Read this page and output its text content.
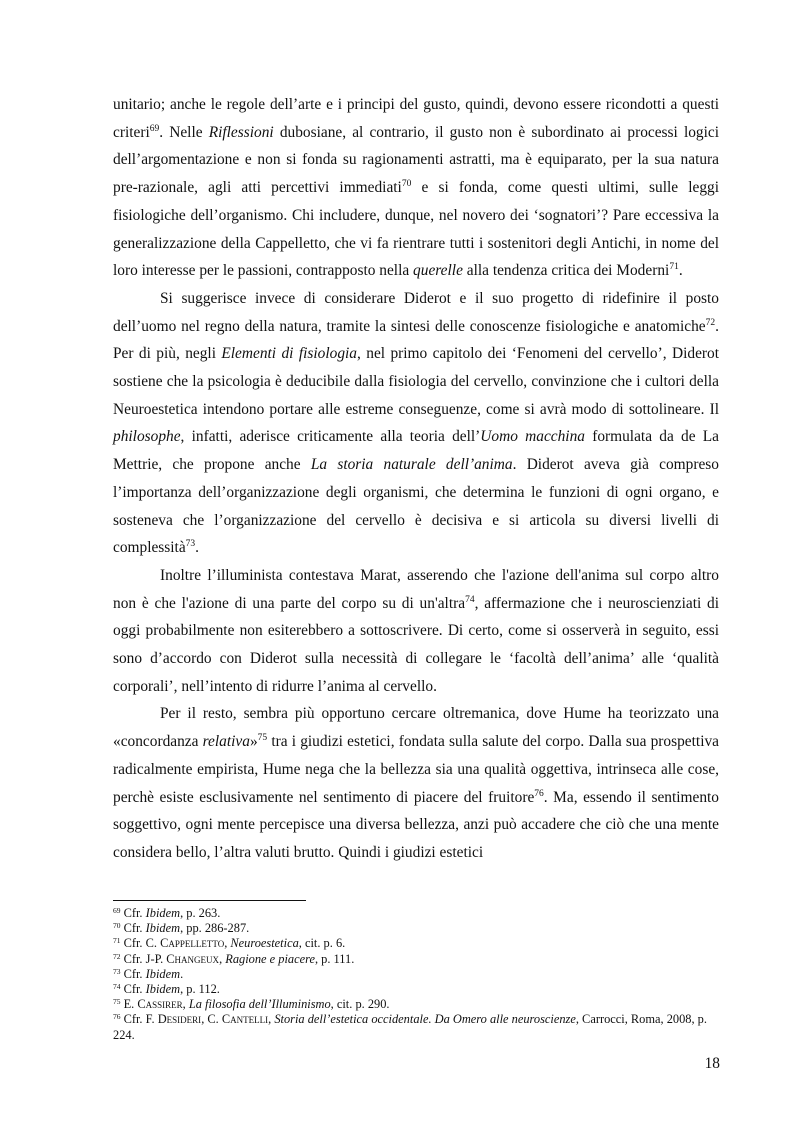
unitario; anche le regole dell’arte e i principi del gusto, quindi, devono essere ricondotti a questi criteri$^{69}$. Nelle Riflessioni dubosiane, al contrario, il gusto non è subordinato ai processi logici dell’argomentazione e non si fonda su ragionamenti astratti, ma è equiparato, per la sua natura pre-razionale, agli atti percettivi immediati$^{70}$ e si fonda, come questi ultimi, sulle leggi fisiologiche dell’organismo. Chi includere, dunque, nel novero dei ‘sognatori’? Pare eccessiva la generalizzazione della Cappelletto, che vi fa rientrare tutti i sostenitori degli Antichi, in nome del loro interesse per le passioni, contrapposto nella querelle alla tendenza critica dei Moderni$^{71}$.

Si suggerisce invece di considerare Diderot e il suo progetto di ridefinire il posto dell’uomo nel regno della natura, tramite la sintesi delle conoscenze fisiologiche e anatomiche$^{72}$. Per di più, negli Elementi di fisiologia, nel primo capitolo dei ‘Fenomeni del cervello’, Diderot sostiene che la psicologia è deducibile dalla fisiologia del cervello, convinzione che i cultori della Neuroestetica intendono portare alle estreme conseguenze, come si avrà modo di sottolineare. Il philosophe, infatti, aderisce criticamente alla teoria dell’Uomo macchina formulata da de La Mettrie, che propone anche La storia naturale dell’anima. Diderot aveva già compreso l’importanza dell’organizzazione degli organismi, che determina le funzioni di ogni organo, e sosteneva che l’organizzazione del cervello è decisiva e si articola su diversi livelli di complessità$^{73}$.

Inoltre l’illuminista contestava Marat, asserendo che l'azione dell'anima sul corpo altro non è che l'azione di una parte del corpo su di un'altra$^{74}$, affermazione che i neuroscienziati di oggi probabilmente non esiterebbero a sottoscrivere. Di certo, come si osserverà in seguito, essi sono d’accordo con Diderot sulla necessità di collegare le ‘facoltà dell’anima’ alle ‘qualità corporali’, nell’intento di ridurre l’anima al cervello.

Per il resto, sembra più opportuno cercare oltremanica, dove Hume ha teorizzato una «concordanza relativa»$^{75}$ tra i giudizi estetici, fondata sulla salute del corpo. Dalla sua prospettiva radicalmente empirista, Hume nega che la bellezza sia una qualità oggettiva, intrinseca alle cose, perchè esiste esclusivamente nel sentimento di piacere del fruitore$^{76}$. Ma, essendo il sentimento soggettivo, ogni mente percepisce una diversa bellezza, anzi può accadere che ciò che una mente considera bello, l’altra valuti brutto. Quindi i giudizi estetici

$^{69}$ Cfr. Ibidem, p. 263.

$^{70}$ Cfr. Ibidem, pp. 286-287.

$^{71}$ Cfr. C. Cappelletto, Neuroestetica, cit. p. 6.

$^{72}$ Cfr. J-P. Changeux, Ragione e piacere, p. 111.

$^{73}$ Cfr. Ibidem.

$^{74}$ Cfr. Ibidem, p. 112.

$^{75}$ E. Cassirer, La filosofia dell’Illuminismo, cit. p. 290.

$^{76}$ Cfr. F. Desideri, C. Cantelli, Storia dell’estetica occidentale. Da Omero alle neuroscienze, Carrocci, Roma, 2008, p. 224.

18
